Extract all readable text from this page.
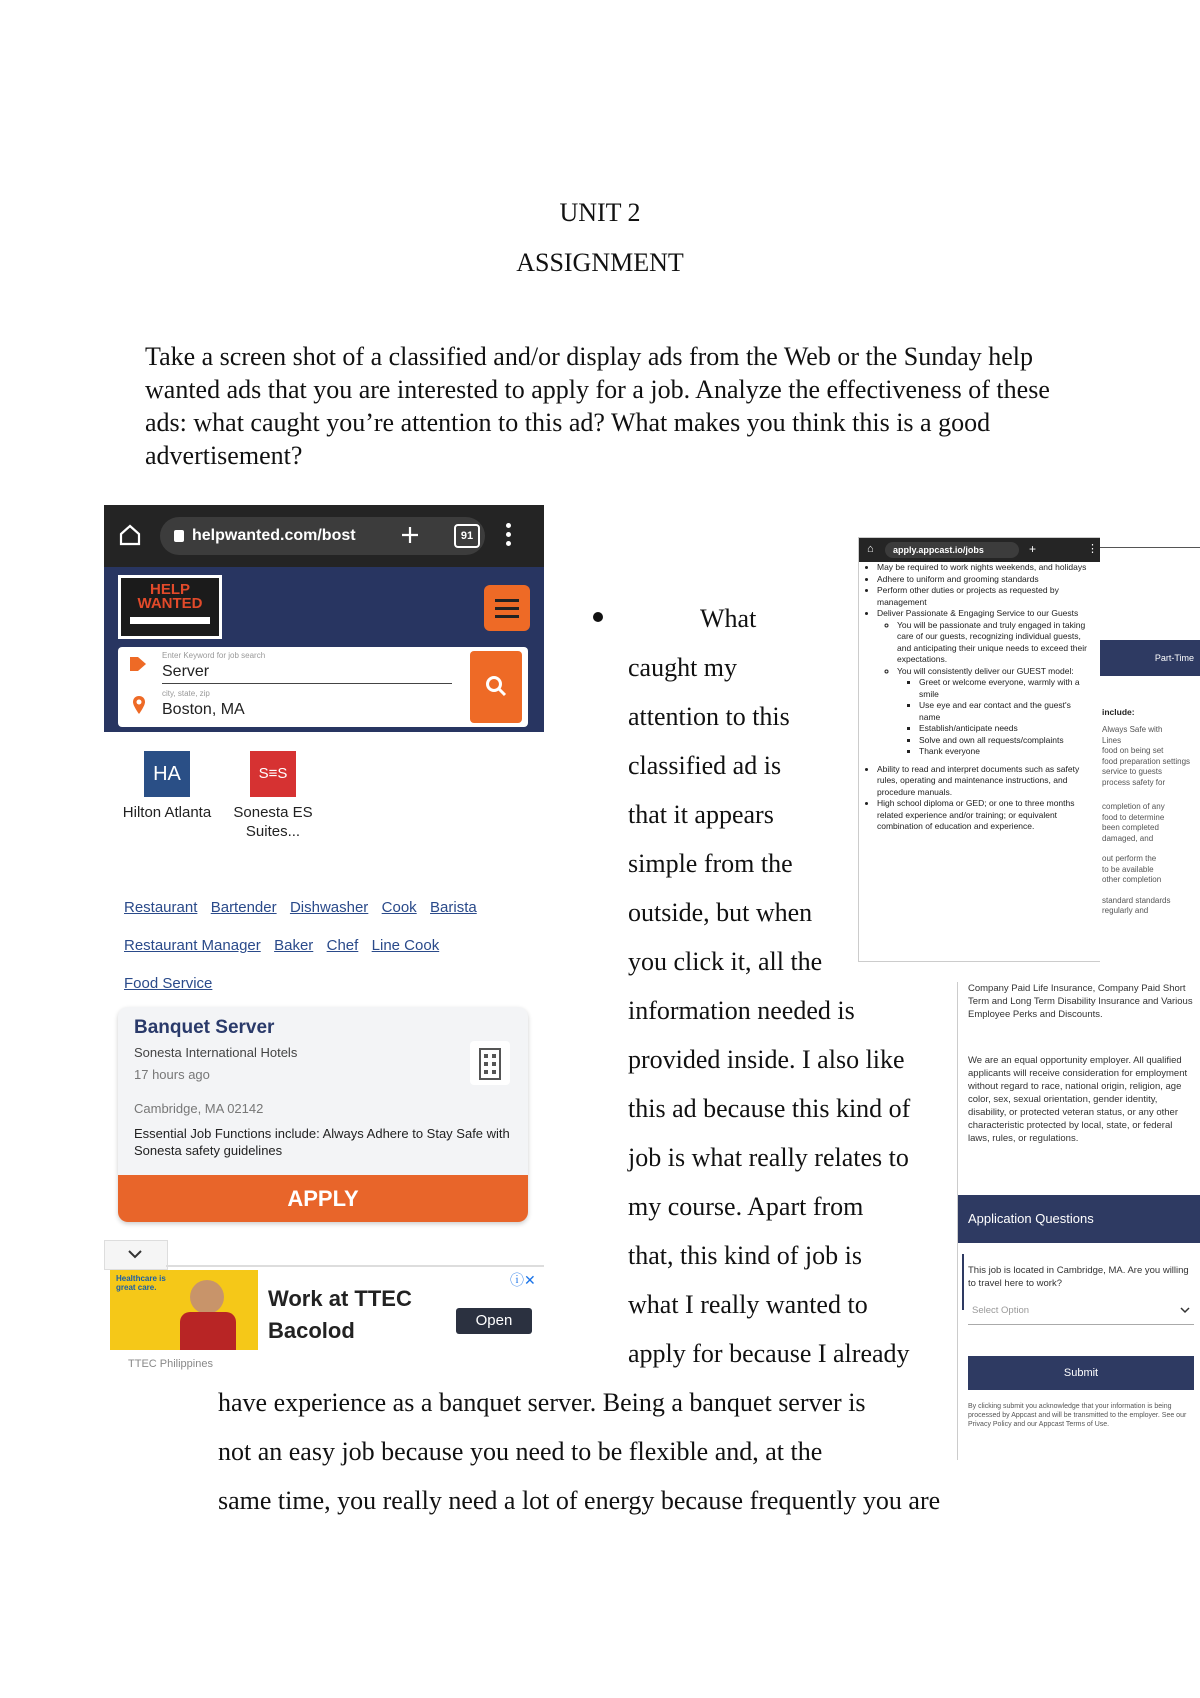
UNIT 2
ASSIGNMENT
Take a screen shot of a classified and/or display ads from the Web or the Sunday help wanted ads that you are interested to apply for a job. Analyze the effectiveness of these ads: what caught you’re attention to this ad? What makes you think this is a good advertisement?
helpwanted.com/bost	91
HELP
WANTED
Enter Keyword for job search
Server
city, state, zip
Boston, MA
HA
Hilton Atlanta
S≡S
Sonesta ES Suites...
Restaurant Bartender Dishwasher Cook Barista
Restaurant Manager Baker Chef Line Cook
Food Service
Banquet Server
Sonesta International Hotels
17 hours ago
Cambridge, MA 02142
Essential Job Functions include: Always Adhere to Stay Safe with Sonesta safety guidelines
APPLY
Healthcare is great care.	Work at TTEC
Bacolod	Open
ⓘ✕
TTEC Philippines
What
caught my
attention to this
classified ad is
that it appears
simple from the
outside, but when
you click it, all the
information needed is
provided inside. I also like
this ad because this kind of
job is what really relates to
my course. Apart from
that, this kind of job is
what I really wanted to
apply for because I already
have experience as a banquet server. Being a banquet server is
not an easy job because you need to be flexible and, at the
same time, you really need a lot of energy because frequently you are
apply.appcast.io/jobs
⌂	+	⋮
• May be required to work nights weekends, and holidays
• Adhere to uniform and grooming standards
• Perform other duties or projects as requested by management
• Deliver Passionate & Engaging Service to our Guests
◦ You will be passionate and truly engaged in taking care of our guests, recognizing individual guests, and anticipating their unique needs to exceed their expectations.
◦ You will consistently deliver our GUEST model:
▪ Greet or welcome everyone, warmly with a smile
▪ Use eye and ear contact and the guest's name
▪ Establish/anticipate needs
▪ Solve and own all requests/complaints
▪ Thank everyone
• Ability to read and interpret documents such as safety rules, operating and maintenance instructions, and procedure manuals.
• High school diploma or GED; or one to three months related experience and/or training; or equivalent combination of education and experience.
Part-Time
include:
Always Safe with
Lines
food on being set
food preparation settings
service to guests
process safety for
completion of any
food to determine
been completed
damaged, and
out perform the
to be available
other completion
standard standards
regularly and
Company Paid Life Insurance, Company Paid Short Term and Long Term Disability Insurance and Various Employee Perks and Discounts.
We are an equal opportunity employer. All qualified applicants will receive consideration for employment without regard to race, national origin, religion, age color, sex, sexual orientation, gender identity, disability, or protected veteran status, or any other characteristic protected by local, state, or federal laws, rules, or regulations.
Application Questions
This job is located in Cambridge, MA. Are you willing to travel here to work?
Select Option
Submit
By clicking submit you acknowledge that your information is being processed by Appcast and will be transmitted to the employer. See our Privacy Policy and our Appcast Terms of Use.
